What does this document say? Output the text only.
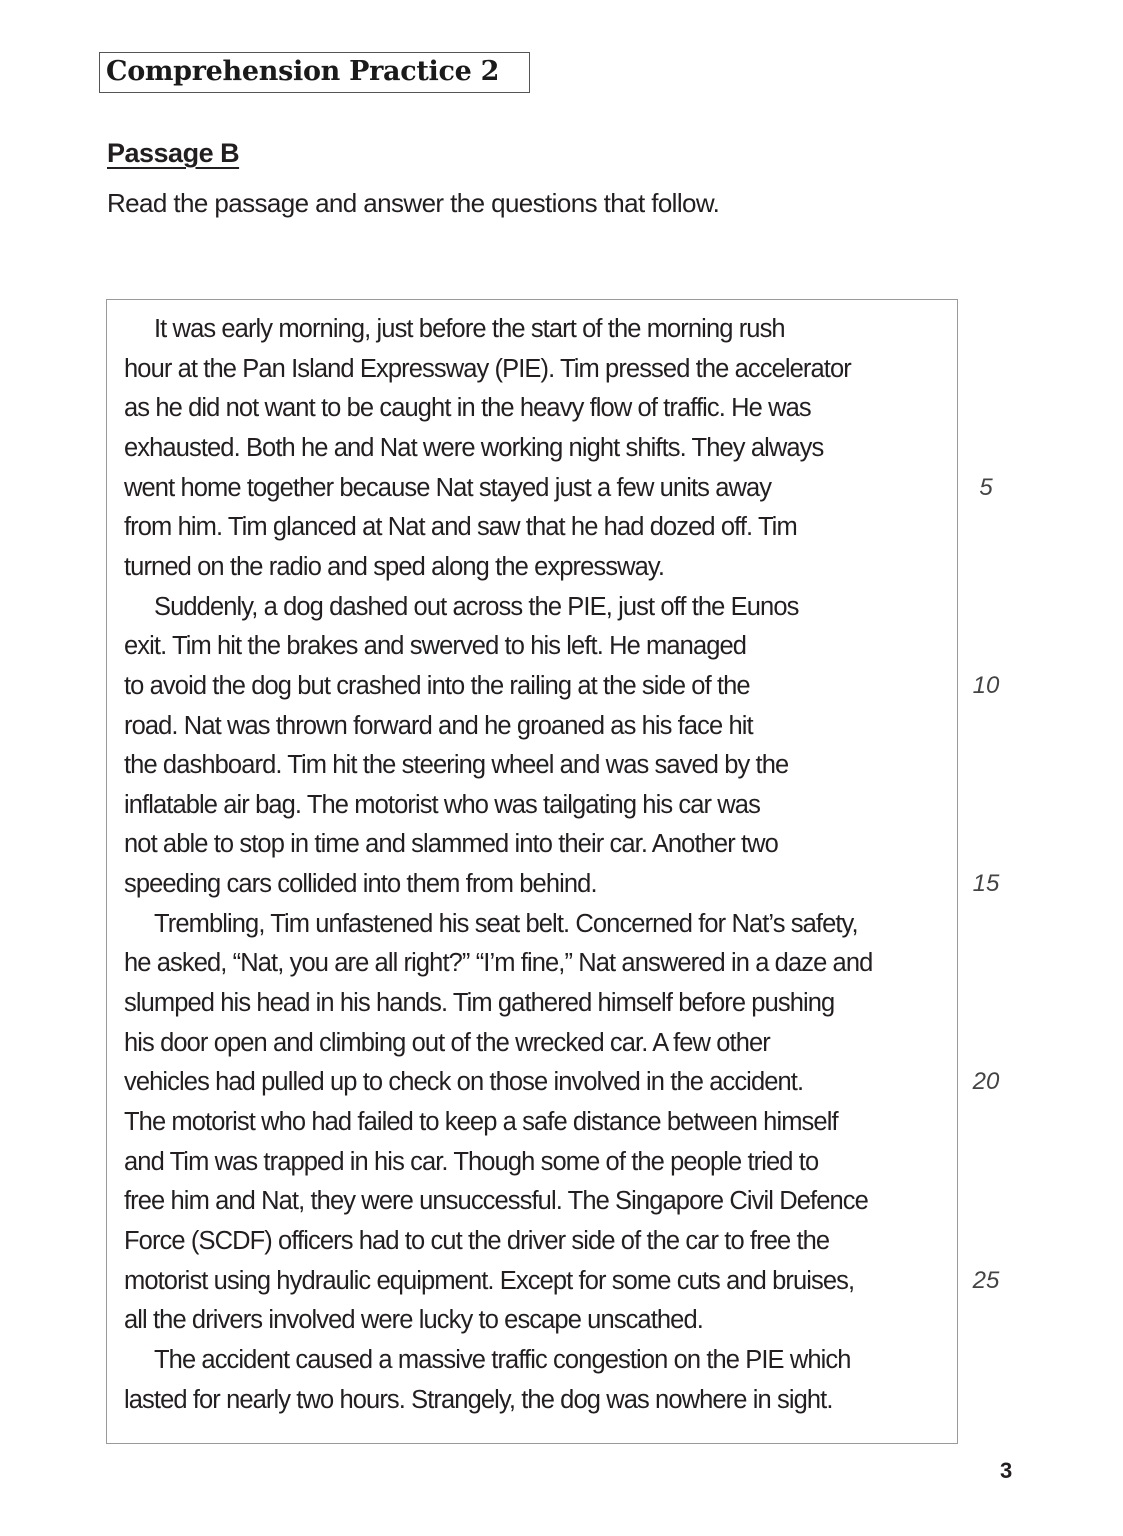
Comprehension Practice 2
Passage B
Read the passage and answer the questions that follow.
It was early morning, just before the start of the morning rush
hour at the Pan Island Expressway (PIE). Tim pressed the accelerator
as he did not want to be caught in the heavy flow of traffic. He was
exhausted. Both he and Nat were working night shifts. They always
went home together because Nat stayed just a few units away
from him. Tim glanced at Nat and saw that he had dozed off. Tim
turned on the radio and sped along the expressway.
Suddenly, a dog dashed out across the PIE, just off the Eunos
exit. Tim hit the brakes and swerved to his left. He managed
to avoid the dog but crashed into the railing at the side of the
road. Nat was thrown forward and he groaned as his face hit
the dashboard. Tim hit the steering wheel and was saved by the
inflatable air bag. The motorist who was tailgating his car was
not able to stop in time and slammed into their car. Another two
speeding cars collided into them from behind.
Trembling, Tim unfastened his seat belt. Concerned for Nat’s safety,
he asked, “Nat, you are all right?” “I’m fine,” Nat answered in a daze and
slumped his head in his hands. Tim gathered himself before pushing
his door open and climbing out of the wrecked car. A few other
vehicles had pulled up to check on those involved in the accident.
The motorist who had failed to keep a safe distance between himself
and Tim was trapped in his car. Though some of the people tried to
free him and Nat, they were unsuccessful. The Singapore Civil Defence
Force (SCDF) officers had to cut the driver side of the car to free the
motorist using hydraulic equipment. Except for some cuts and bruises,
all the drivers involved were lucky to escape unscathed.
The accident caused a massive traffic congestion on the PIE which
lasted for nearly two hours. Strangely, the dog was nowhere in sight.
5
10
15
20
25
3
